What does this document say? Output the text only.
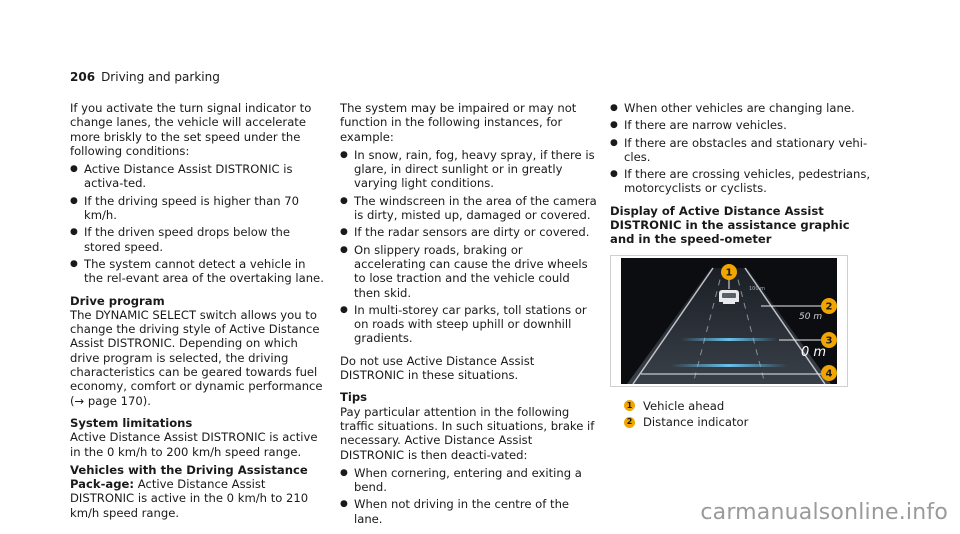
206 Driving and parking

If you activate the turn signal indicator to change lanes, the vehicle will accelerate more briskly to the set speed under the following conditions:

● Active Distance Assist DISTRONIC is activa-ted.
● If the driving speed is higher than 70 km/h.
● If the driven speed drops below the stored speed.
● The system cannot detect a vehicle in the rel-evant area of the overtaking lane.

Drive program

The DYNAMIC SELECT switch allows you to change the driving style of Active Distance Assist DISTRONIC. Depending on which drive program is selected, the driving characteristics can be geared towards fuel economy, comfort or dynamic performance (→ page 170).

System limitations

Active Distance Assist DISTRONIC is active in the 0 km/h to 200 km/h speed range.

Vehicles with the Driving Assistance Pack-age: Active Distance Assist DISTRONIC is active in the 0 km/h to 210 km/h speed range.

The system may be impaired or may not function in the following instances, for example:

● In snow, rain, fog, heavy spray, if there is glare, in direct sunlight or in greatly varying light conditions.
● The windscreen in the area of the camera is dirty, misted up, damaged or covered.
● If the radar sensors are dirty or covered.
● On slippery roads, braking or accelerating can cause the drive wheels to lose traction and the vehicle could then skid.
● In multi-storey car parks, toll stations or on roads with steep uphill or downhill gradients.

Do not use Active Distance Assist DISTRONIC in these situations.

Tips

Pay particular attention in the following traffic situations. In such situations, brake if necessary. Active Distance Assist DISTRONIC is then deacti-vated:

● When cornering, entering and exiting a bend.
● When not driving in the centre of the lane.
● When other vehicles are changing lane.
● If there are narrow vehicles.
● If there are obstacles and stationary vehi-cles.
● If there are crossing vehicles, pedestrians, motorcyclists or cyclists.

Display of Active Distance Assist DISTRONIC in the assistance graphic and in the speed-ometer

100 m
50 m
0 m
1
2
3
4
1 Vehicle ahead
2 Distance indicator
carmanualsonline.info
